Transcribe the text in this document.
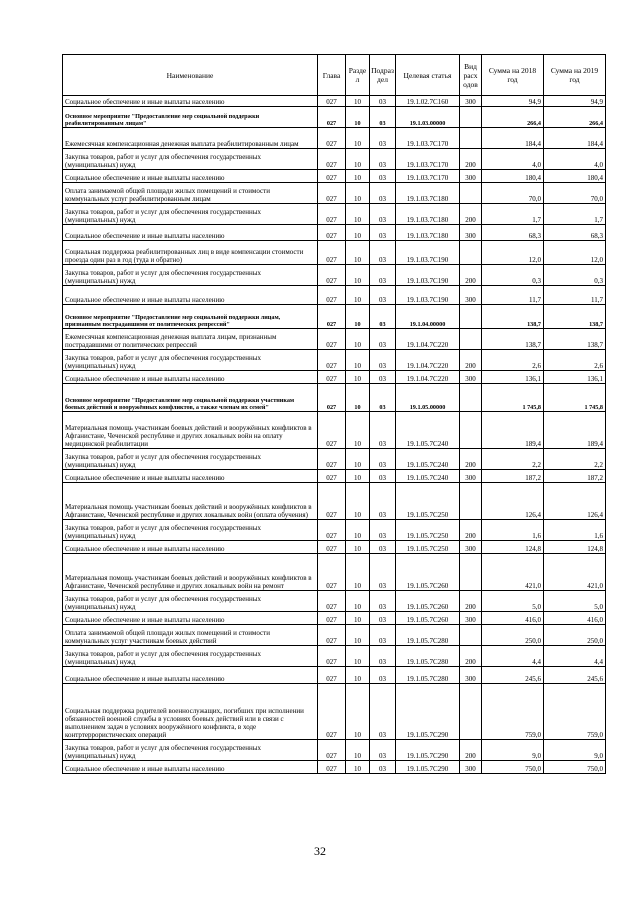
Наименование	Глава	Разде л	Подраз дел	Целевая статья	Вид расх одов	Сумма на 2018 год	Сумма на 2019 год
Социальное обеспечение и иные выплаты населению	027	10	03	19.1.02.7С160	300	94,9	94,9
Основное мероприятие "Предоставление мер социальной поддержки реабилитированным лицам"	027	10	03	19.1.03.00000		266,4	266,4
Ежемесячная компенсационная денежная выплата реабилитированным лицам	027	10	03	19.1.03.7С170		184,4	184,4
Закупка товаров, работ и услуг для обеспечения государственных (муниципальных) нужд	027	10	03	19.1.03.7С170	200	4,0	4,0
Социальное обеспечение и иные выплаты населению	027	10	03	19.1.03.7С170	300	180,4	180,4
Оплата занимаемой общей площади жилых помещений и стоимости коммунальных услуг реабилитированным лицам	027	10	03	19.1.03.7С180		70,0	70,0
Закупка товаров, работ и услуг для обеспечения государственных (муниципальных) нужд	027	10	03	19.1.03.7С180	200	1,7	1,7
Социальное обеспечение и иные выплаты населению	027	10	03	19.1.03.7С180	300	68,3	68,3
Социальная поддержка реабилитированных лиц в виде компенсации стоимости проезда один раз в год (туда и обратно)	027	10	03	19.1.03.7С190		12,0	12,0
Закупка товаров, работ и услуг для обеспечения государственных (муниципальных) нужд	027	10	03	19.1.03.7С190	200	0,3	0,3
Социальное обеспечение и иные выплаты населению	027	10	03	19.1.03.7С190	300	11,7	11,7
Основное мероприятие "Предоставление мер социальной поддержки лицам, признанным пострадавшими от политических репрессий"	027	10	03	19.1.04.00000		138,7	138,7
Ежемесячная компенсационная денежная выплата лицам, признанным пострадавшими от политических репрессий	027	10	03	19.1.04.7С220		138,7	138,7
Закупка товаров, работ и услуг для обеспечения государственных (муниципальных) нужд	027	10	03	19.1.04.7С220	200	2,6	2,6
Социальное обеспечение и иные выплаты населению	027	10	03	19.1.04.7С220	300	136,1	136,1
Основное мероприятие "Предоставление мер социальной поддержки участникам боевых действий и вооружённых конфликтов, а также членам их семей"	027	10	03	19.1.05.00000		1 745,8	1 745,8
Материальная помощь участникам боевых действий и вооружённых конфликтов в Афганистане, Чеченской республике и других локальных войн на оплату медицинской реабилитации	027	10	03	19.1.05.7С240		189,4	189,4
Закупка товаров, работ и услуг для обеспечения государственных (муниципальных) нужд	027	10	03	19.1.05.7С240	200	2,2	2,2
Социальное обеспечение и иные выплаты населению	027	10	03	19.1.05.7С240	300	187,2	187,2
Материальная помощь участникам боевых действий и вооружённых конфликтов в Афганистане, Чеченской республике и других локальных войн (оплата обучения)	027	10	03	19.1.05.7С250		126,4	126,4
Закупка товаров, работ и услуг для обеспечения государственных (муниципальных) нужд	027	10	03	19.1.05.7С250	200	1,6	1,6
Социальное обеспечение и иные выплаты населению	027	10	03	19.1.05.7С250	300	124,8	124,8
Материальная помощь участникам боевых действий и вооружённых конфликтов в Афганистане, Чеченской республике и других локальных войн на ремонт	027	10	03	19.1.05.7С260		421,0	421,0
Закупка товаров, работ и услуг для обеспечения государственных (муниципальных) нужд	027	10	03	19.1.05.7С260	200	5,0	5,0
Социальное обеспечение и иные выплаты населению	027	10	03	19.1.05.7С260	300	416,0	416,0
Оплата занимаемой общей площади жилых помещений и стоимости коммунальных услуг участникам боевых действий	027	10	03	19.1.05.7С280		250,0	250,0
Закупка товаров, работ и услуг для обеспечения государственных (муниципальных) нужд	027	10	03	19.1.05.7С280	200	4,4	4,4
Социальное обеспечение и иные выплаты населению	027	10	03	19.1.05.7С280	300	245,6	245,6
Социальная поддержка родителей военнослужащих, погибших при исполнении обязанностей военной службы в условиях боевых действий или в связи с выполнением задач в условиях вооружённого конфликта, в ходе контртеррористических операций	027	10	03	19.1.05.7С290		759,0	759,0
Закупка товаров, работ и услуг для обеспечения государственных (муниципальных) нужд	027	10	03	19.1.05.7С290	200	9,0	9,0
Социальное обеспечение и иные выплаты населению	027	10	03	19.1.05.7С290	300	750,0	750,0
32
